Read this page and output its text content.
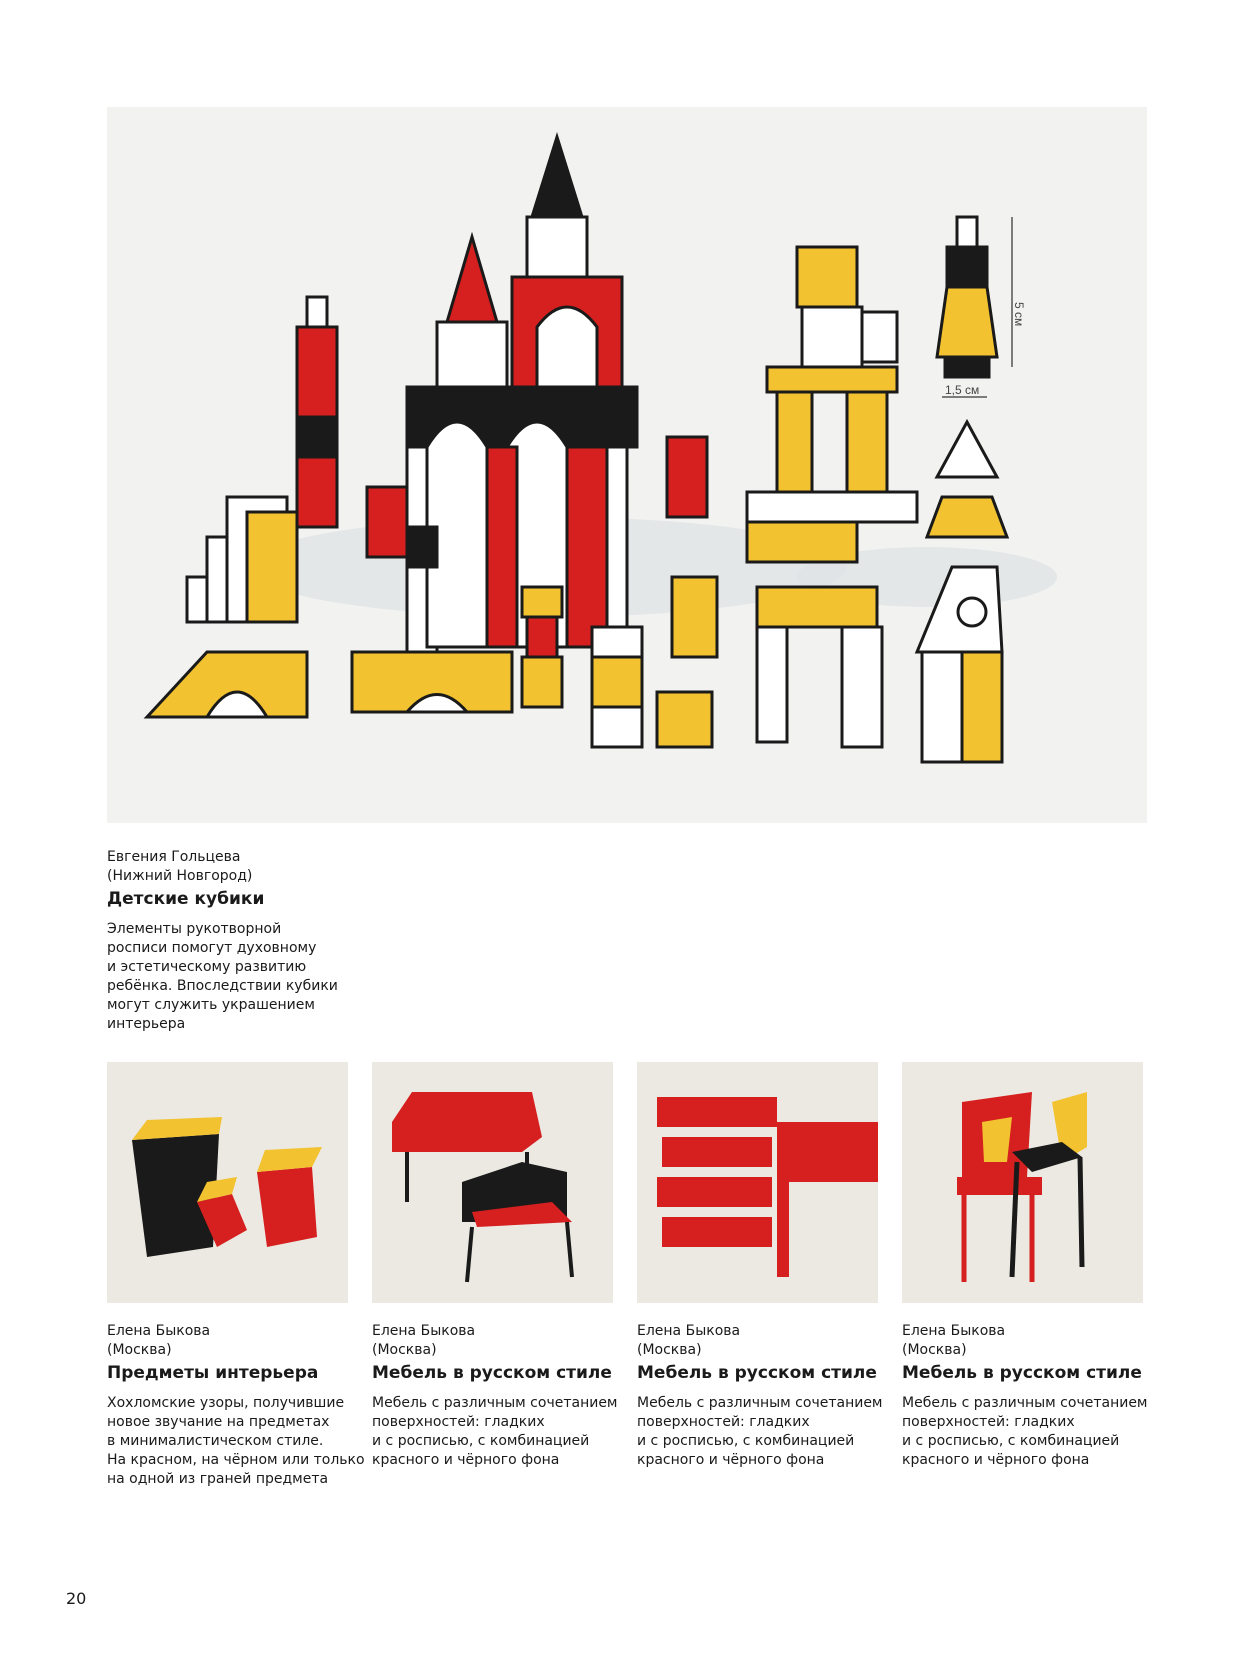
5 см
1,5 см
Евгения Гольцева
(Нижний Новгород)
Детские кубики
Элементы рукотворной
росписи помогут духовному
и эстетическому развитию
ребёнка. Впоследствии кубики
могут служить украшением
интерьера
Елена Быкова
(Москва)
Предметы интерьера
Хохломские узоры, получившие
новое звучание на предметах
в минималистическом стиле.
На красном, на чёрном или только
на одной из граней предмета
Елена Быкова
(Москва)
Мебель в русском стиле
Мебель с различным сочетанием
поверхностей: гладких
и с росписью, с комбинацией
красного и чёрного фона
Елена Быкова
(Москва)
Мебель в русском стиле
Мебель с различным сочетанием
поверхностей: гладких
и с росписью, с комбинацией
красного и чёрного фона
Елена Быкова
(Москва)
Мебель в русском стиле
Мебель с различным сочетанием
поверхностей: гладких
и с росписью, с комбинацией
красного и чёрного фона
20
